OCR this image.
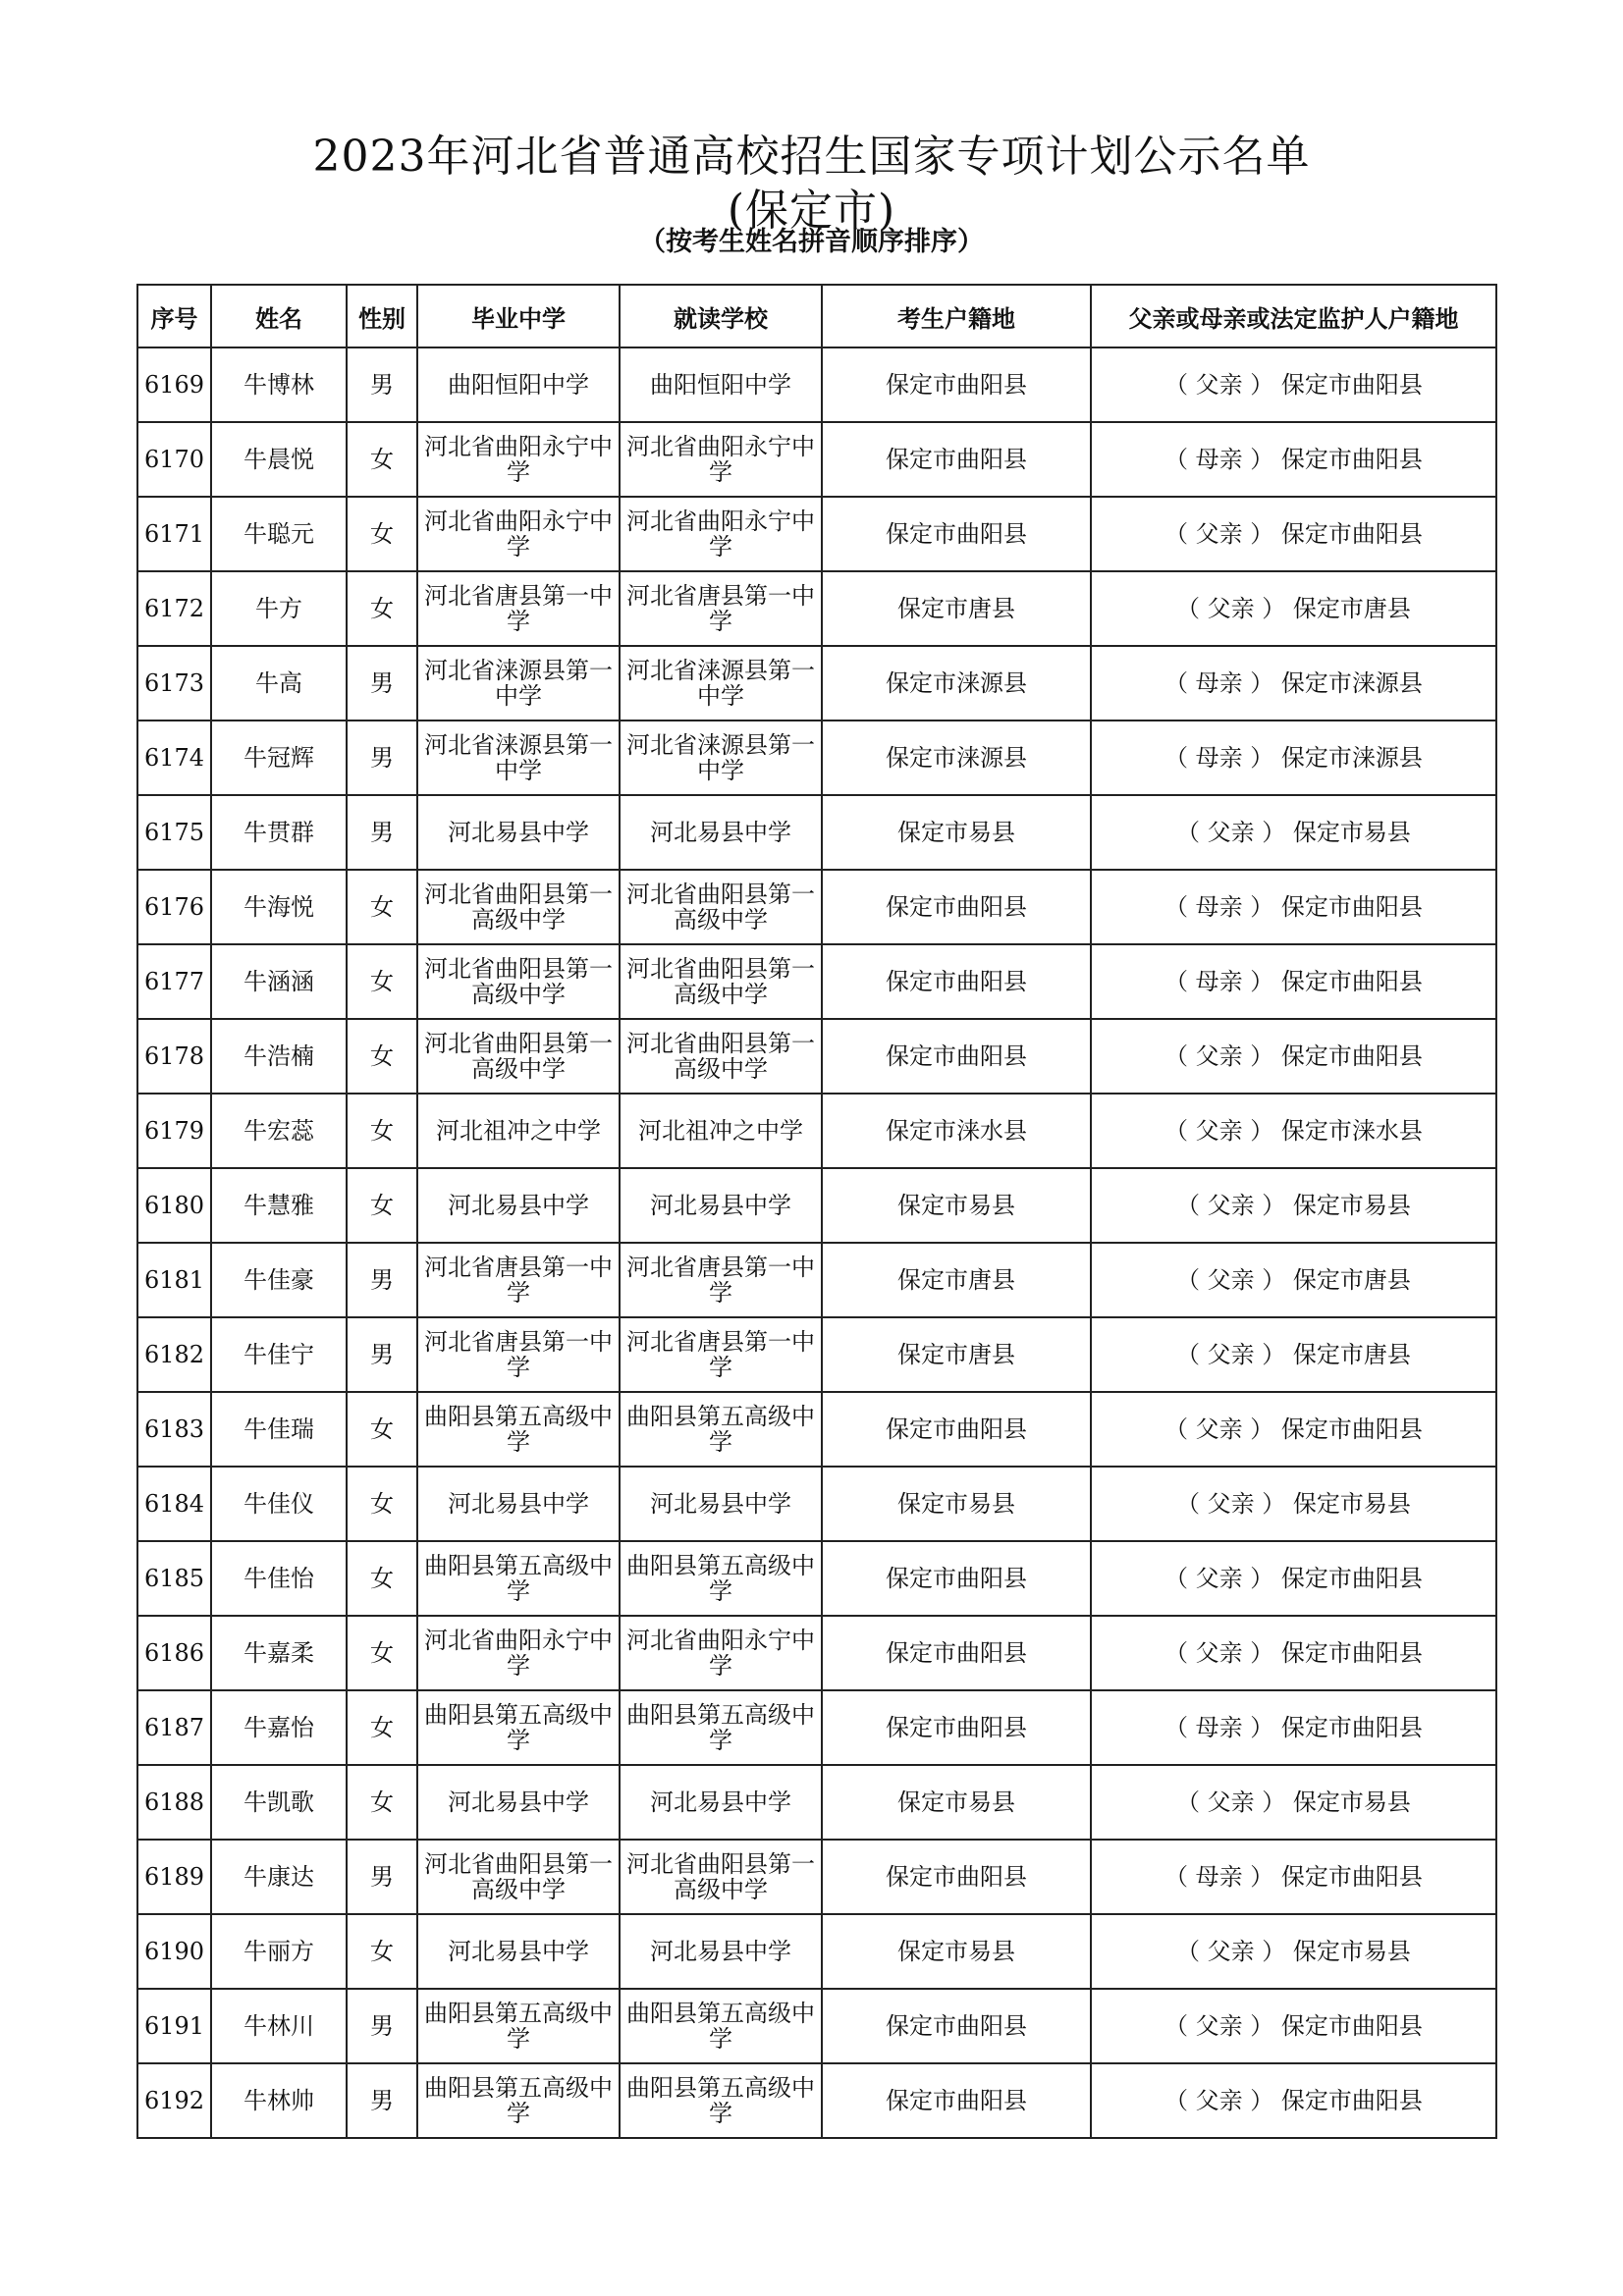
2023年河北省普通高校招生国家专项计划公示名单
(保定市)
（按考生姓名拼音顺序排序）
序号	姓名	性别	毕业中学	就读学校	考生户籍地	父亲或母亲或法定监护人户籍地
6169	牛博林	男	曲阳恒阳中学	曲阳恒阳中学	保定市曲阳县	（ 父亲 ） 保定市曲阳县
6170	牛晨悦	女	河北省曲阳永宁中学	河北省曲阳永宁中学	保定市曲阳县	（ 母亲 ） 保定市曲阳县
6171	牛聪元	女	河北省曲阳永宁中学	河北省曲阳永宁中学	保定市曲阳县	（ 父亲 ） 保定市曲阳县
6172	牛方	女	河北省唐县第一中学	河北省唐县第一中学	保定市唐县	（ 父亲 ） 保定市唐县
6173	牛高	男	河北省涞源县第一中学	河北省涞源县第一中学	保定市涞源县	（ 母亲 ） 保定市涞源县
6174	牛冠辉	男	河北省涞源县第一中学	河北省涞源县第一中学	保定市涞源县	（ 母亲 ） 保定市涞源县
6175	牛贯群	男	河北易县中学	河北易县中学	保定市易县	（ 父亲 ） 保定市易县
6176	牛海悦	女	河北省曲阳县第一高级中学	河北省曲阳县第一高级中学	保定市曲阳县	（ 母亲 ） 保定市曲阳县
6177	牛涵涵	女	河北省曲阳县第一高级中学	河北省曲阳县第一高级中学	保定市曲阳县	（ 母亲 ） 保定市曲阳县
6178	牛浩楠	女	河北省曲阳县第一高级中学	河北省曲阳县第一高级中学	保定市曲阳县	（ 父亲 ） 保定市曲阳县
6179	牛宏蕊	女	河北祖冲之中学	河北祖冲之中学	保定市涞水县	（ 父亲 ） 保定市涞水县
6180	牛慧雅	女	河北易县中学	河北易县中学	保定市易县	（ 父亲 ） 保定市易县
6181	牛佳豪	男	河北省唐县第一中学	河北省唐县第一中学	保定市唐县	（ 父亲 ） 保定市唐县
6182	牛佳宁	男	河北省唐县第一中学	河北省唐县第一中学	保定市唐县	（ 父亲 ） 保定市唐县
6183	牛佳瑞	女	曲阳县第五高级中学	曲阳县第五高级中学	保定市曲阳县	（ 父亲 ） 保定市曲阳县
6184	牛佳仪	女	河北易县中学	河北易县中学	保定市易县	（ 父亲 ） 保定市易县
6185	牛佳怡	女	曲阳县第五高级中学	曲阳县第五高级中学	保定市曲阳县	（ 父亲 ） 保定市曲阳县
6186	牛嘉柔	女	河北省曲阳永宁中学	河北省曲阳永宁中学	保定市曲阳县	（ 父亲 ） 保定市曲阳县
6187	牛嘉怡	女	曲阳县第五高级中学	曲阳县第五高级中学	保定市曲阳县	（ 母亲 ） 保定市曲阳县
6188	牛凯歌	女	河北易县中学	河北易县中学	保定市易县	（ 父亲 ） 保定市易县
6189	牛康达	男	河北省曲阳县第一高级中学	河北省曲阳县第一高级中学	保定市曲阳县	（ 母亲 ） 保定市曲阳县
6190	牛丽方	女	河北易县中学	河北易县中学	保定市易县	（ 父亲 ） 保定市易县
6191	牛林川	男	曲阳县第五高级中学	曲阳县第五高级中学	保定市曲阳县	（ 父亲 ） 保定市曲阳县
6192	牛林帅	男	曲阳县第五高级中学	曲阳县第五高级中学	保定市曲阳县	（ 父亲 ） 保定市曲阳县
